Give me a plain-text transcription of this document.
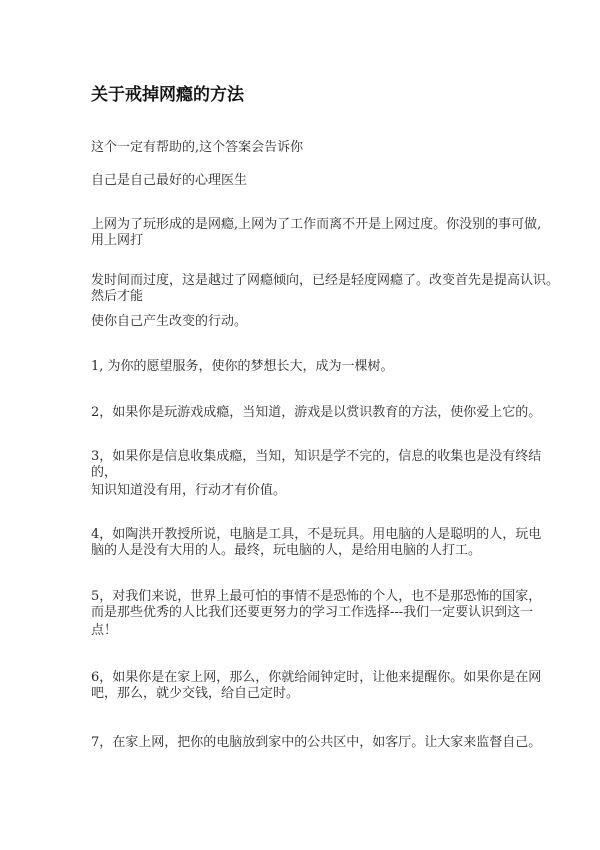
关于戒掉网瘾的方法
这个一定有帮助的,这个答案会告诉你
自己是自己最好的心理医生
上网为了玩形成的是网瘾,上网为了工作而离不开是上网过度。你没别的事可做,
用上网打
发时间而过度，这是越过了网瘾倾向，已经是轻度网瘾了。改变首先是提高认识。
然后才能
使你自己产生改变的行动。
1, 为你的愿望服务，使你的梦想长大，成为一棵树。
2，如果你是玩游戏成瘾，当知道，游戏是以赏识教育的方法，使你爱上它的。
3，如果你是信息收集成瘾，当知，知识是学不完的，信息的收集也是没有终结
的，
知识知道没有用，行动才有价值。
4，如陶洪开教授所说，电脑是工具，不是玩具。用电脑的人是聪明的人，玩电
脑的人是没有大用的人。最终，玩电脑的人，是给用电脑的人打工。
5，对我们来说，世界上最可怕的事情不是恐怖的个人，也不是那恐怖的国家，
而是那些优秀的人比我们还要更努力的学习工作选择---我们一定要认识到这一
点！
6，如果你是在家上网，那么，你就给闹钟定时，让他来提醒你。如果你是在网
吧，那么，就少交钱，给自己定时。
7，在家上网，把你的电脑放到家中的公共区中，如客厅。让大家来监督自己。
